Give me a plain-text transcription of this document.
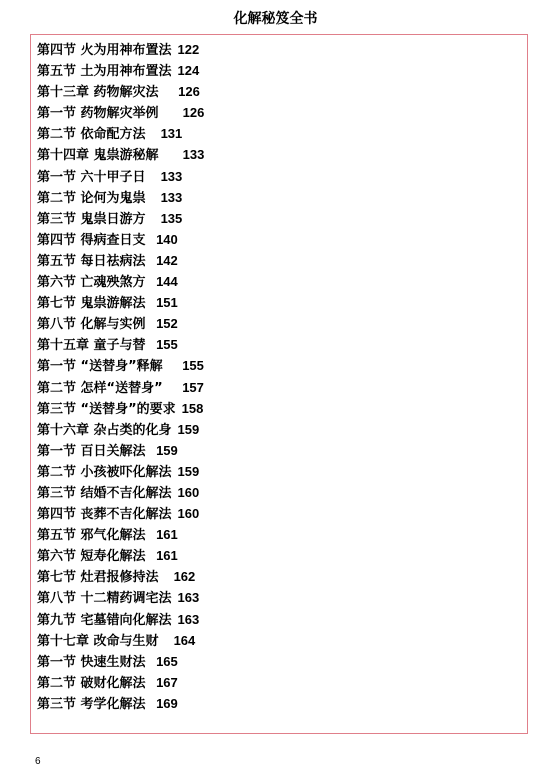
化解秘笈全书
第四节 火为用神布置法 122
第五节 土为用神布置法 124
第十三章 药物解灾法   126
第一节 药物解灾举例    126
第二节 依命配方法  131
第十四章 鬼祟游秘解    133
第一节 六十甲子日  133
第二节 论何为鬼祟  133
第三节 鬼祟日游方  135
第四节 得病查日支 140
第五节 每日祛病法 142
第六节 亡魂殃煞方 144
第七节 鬼祟游解法 151
第八节 化解与实例 152
第十五章 童子与替 155
第一节 “送替身”释解   155
第二节 怎样“送替身”   157
第三节 “送替身”的要求 158
第十六章 杂占类的化身 159
第一节 百日关解法 159
第二节 小孩被吓化解法 159
第三节 结婚不吉化解法 160
第四节 丧葬不吉化解法 160
第五节 邪气化解法 161
第六节 短寿化解法 161
第七节 灶君报修持法  162
第八节 十二精药调宅法 163
第九节 宅墓错向化解法 163
第十七章 改命与生财  164
第一节 快速生财法 165
第二节 破财化解法 167
第三节 考学化解法 169
6
